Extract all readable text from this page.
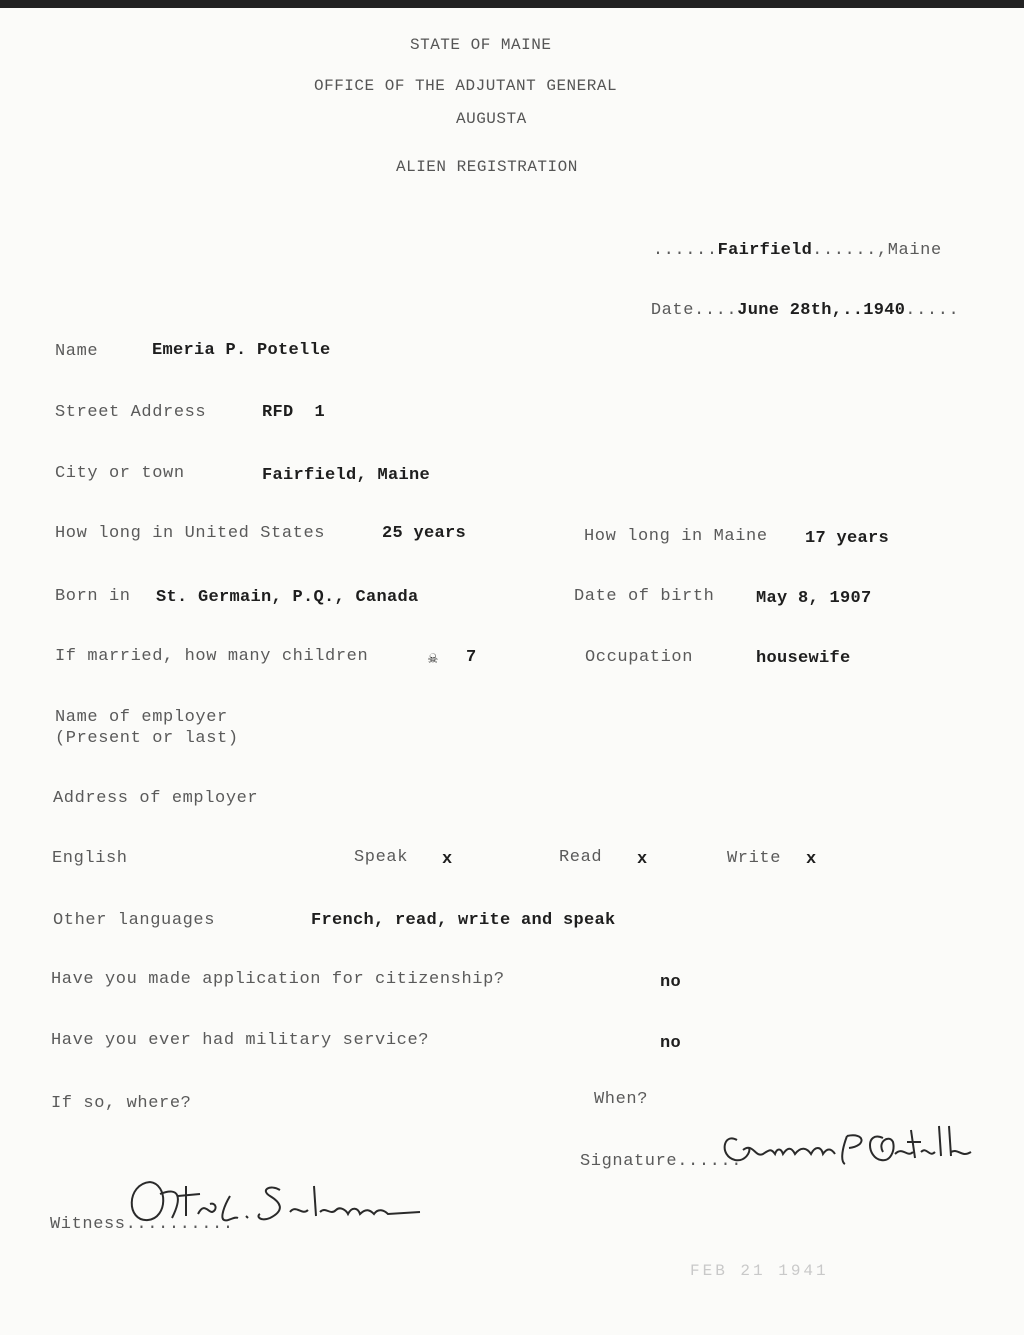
STATE OF MAINE
OFFICE OF THE ADJUTANT GENERAL
AUGUSTA
ALIEN REGISTRATION

......Fairfield......,Maine

Date....June 28th,..1940.....

Name	Emeria P. Potelle
Street Address	RFD  1
City or town	Fairfield, Maine
How long in United States	25 years	How long in Maine 17 years
Born in St. Germain, P.Q., Canada	Date of birth May 8, 1907
If married, how many children	☠ 7	Occupation	housewife
Name of employer
(Present or last)
Address of employer
English	Speak x	Read x	Write x
Other languages	French, read, write and speak
Have you made application for citizenship?	no
Have you ever had military service?	no
If so, where?	When?
Signature......
Witness..........
FEB 21 1941
